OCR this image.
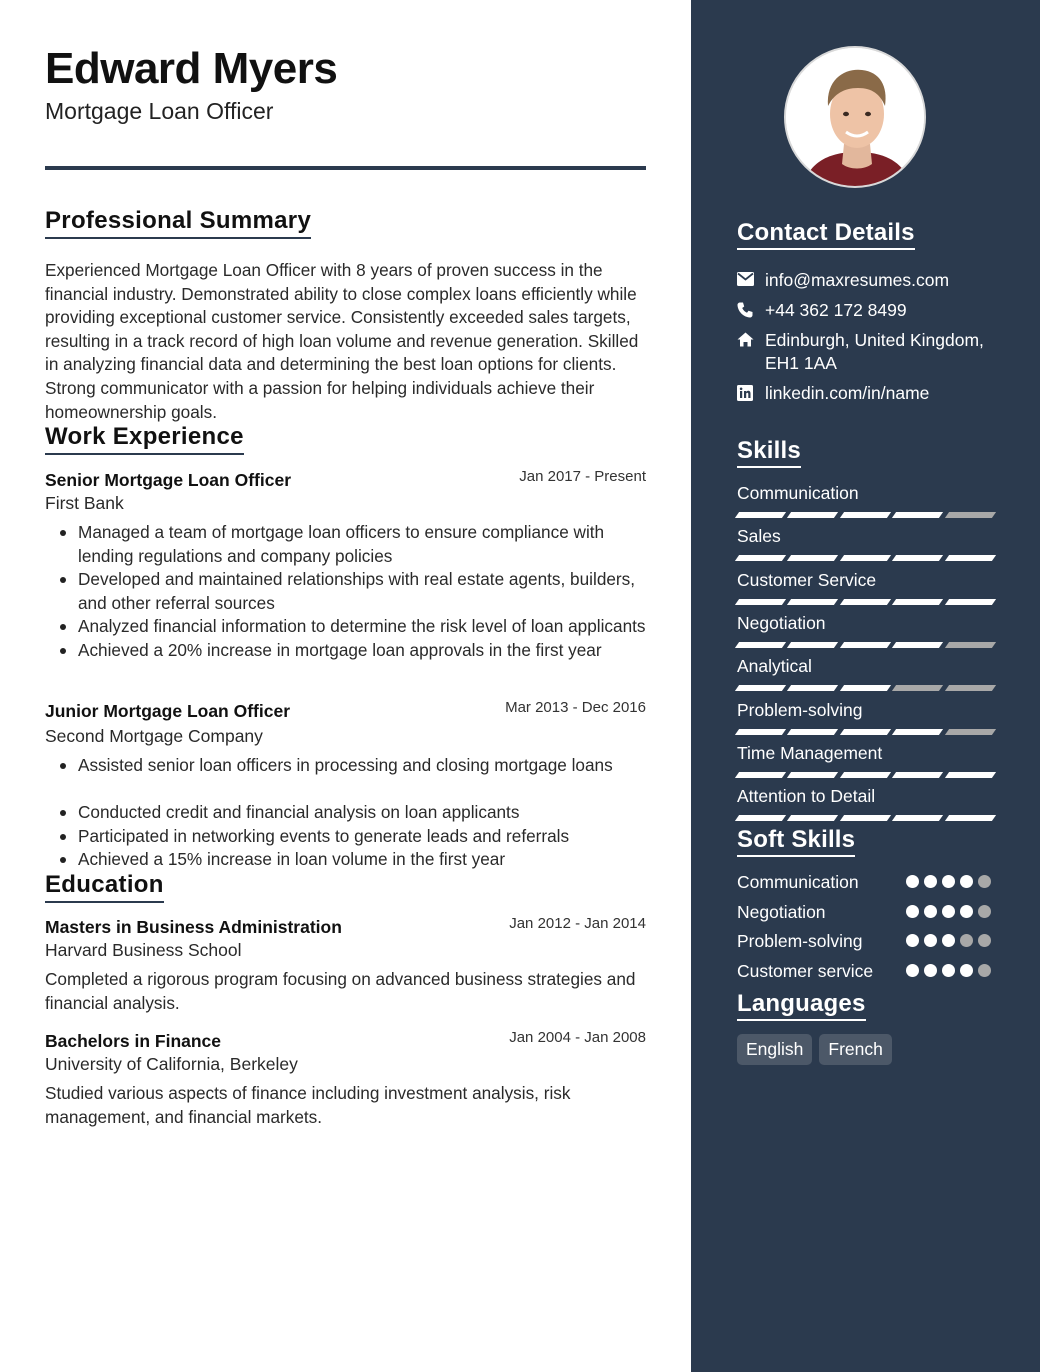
Edward Myers
Mortgage Loan Officer
Professional Summary
Experienced Mortgage Loan Officer with 8 years of proven success in the financial industry. Demonstrated ability to close complex loans efficiently while providing exceptional customer service. Consistently exceeded sales targets, resulting in a track record of high loan volume and revenue generation. Skilled in analyzing financial data and determining the best loan options for clients. Strong communicator with a passion for helping individuals achieve their homeownership goals.
Work Experience
Senior Mortgage Loan Officer	Jan 2017 - Present
First Bank
Managed a team of mortgage loan officers to ensure compliance with lending regulations and company policies
Developed and maintained relationships with real estate agents, builders, and other referral sources
Analyzed financial information to determine the risk level of loan applicants
Achieved a 20% increase in mortgage loan approvals in the first year
Junior Mortgage Loan Officer	Mar 2013 - Dec 2016
Second Mortgage Company
Assisted senior loan officers in processing and closing mortgage loans
Conducted credit and financial analysis on loan applicants
Participated in networking events to generate leads and referrals
Achieved a 15% increase in loan volume in the first year
Education
Masters in Business Administration	Jan 2012 - Jan 2014
Harvard Business School
Completed a rigorous program focusing on advanced business strategies and financial analysis.
Bachelors in Finance	Jan 2004 - Jan 2008
University of California, Berkeley
Studied various aspects of finance including investment analysis, risk management, and financial markets.
Contact Details
info@maxresumes.com
+44 362 172 8499
Edinburgh, United Kingdom, EH1 1AA
linkedin.com/in/name
Skills
Communication
Sales
Customer Service
Negotiation
Analytical
Problem-solving
Time Management
Attention to Detail
Soft Skills
Communication
Negotiation
Problem-solving
Customer service
Languages
English	French
